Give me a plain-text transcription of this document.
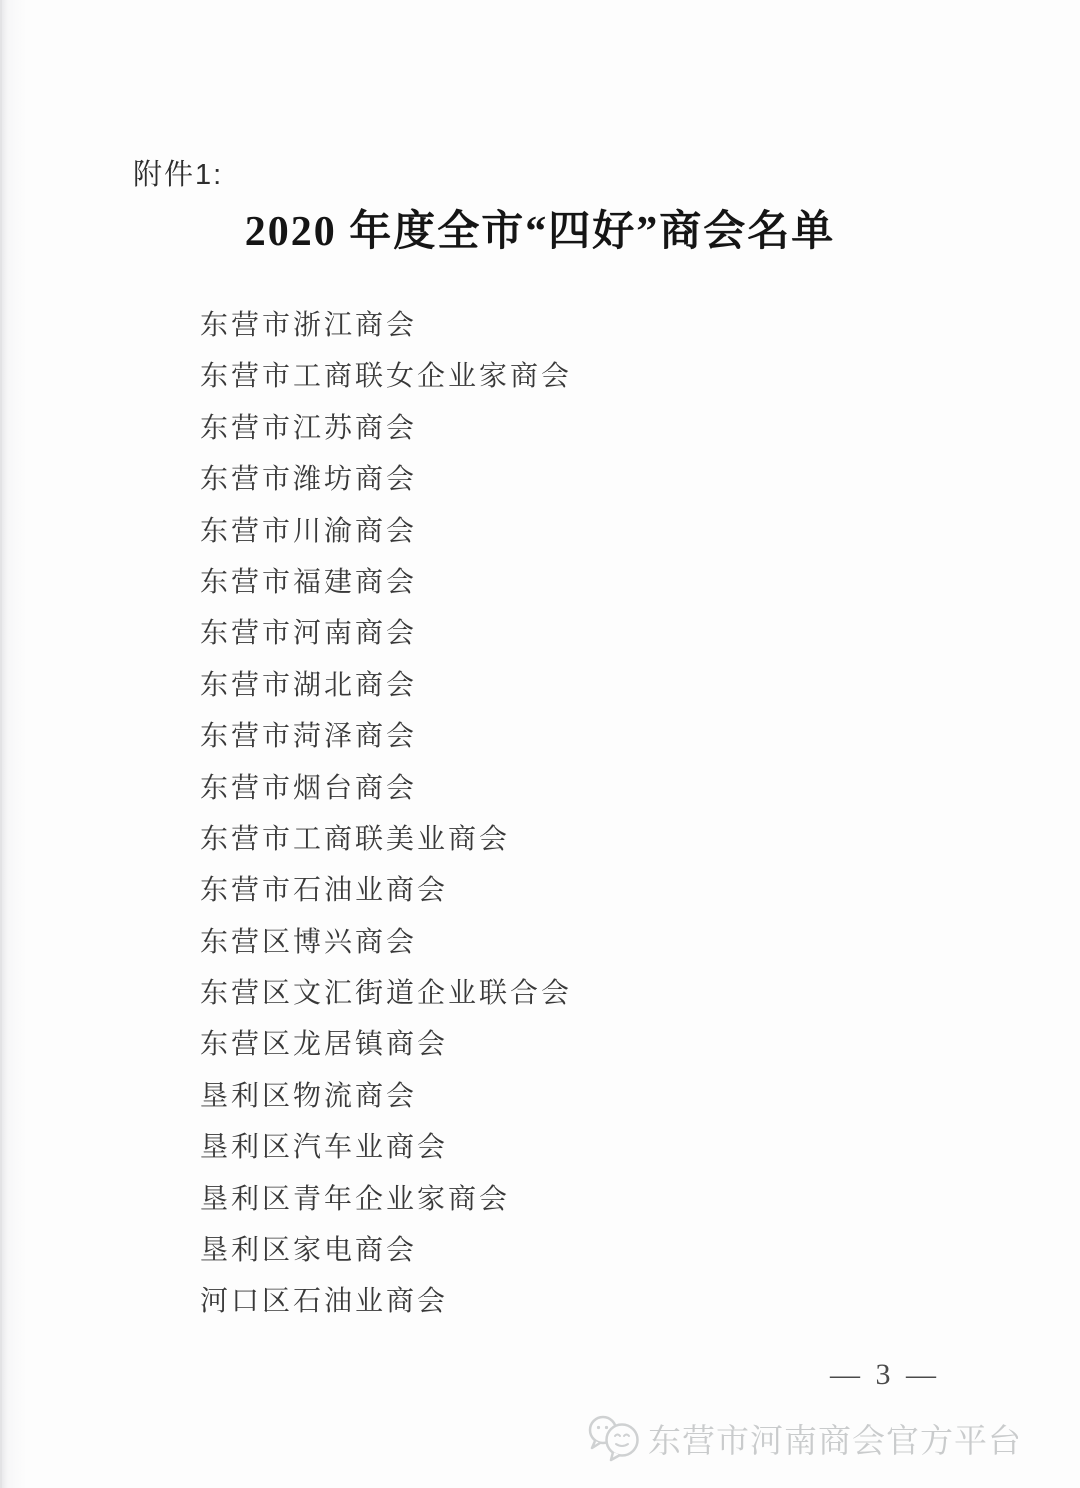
附件1:
2020 年度全市“四好”商会名单
东营市浙江商会
东营市工商联女企业家商会
东营市江苏商会
东营市潍坊商会
东营市川渝商会
东营市福建商会
东营市河南商会
东营市湖北商会
东营市菏泽商会
东营市烟台商会
东营市工商联美业商会
东营市石油业商会
东营区博兴商会
东营区文汇街道企业联合会
东营区龙居镇商会
垦利区物流商会
垦利区汽车业商会
垦利区青年企业家商会
垦利区家电商会
河口区石油业商会
— 3 —
东营市河南商会官方平台
